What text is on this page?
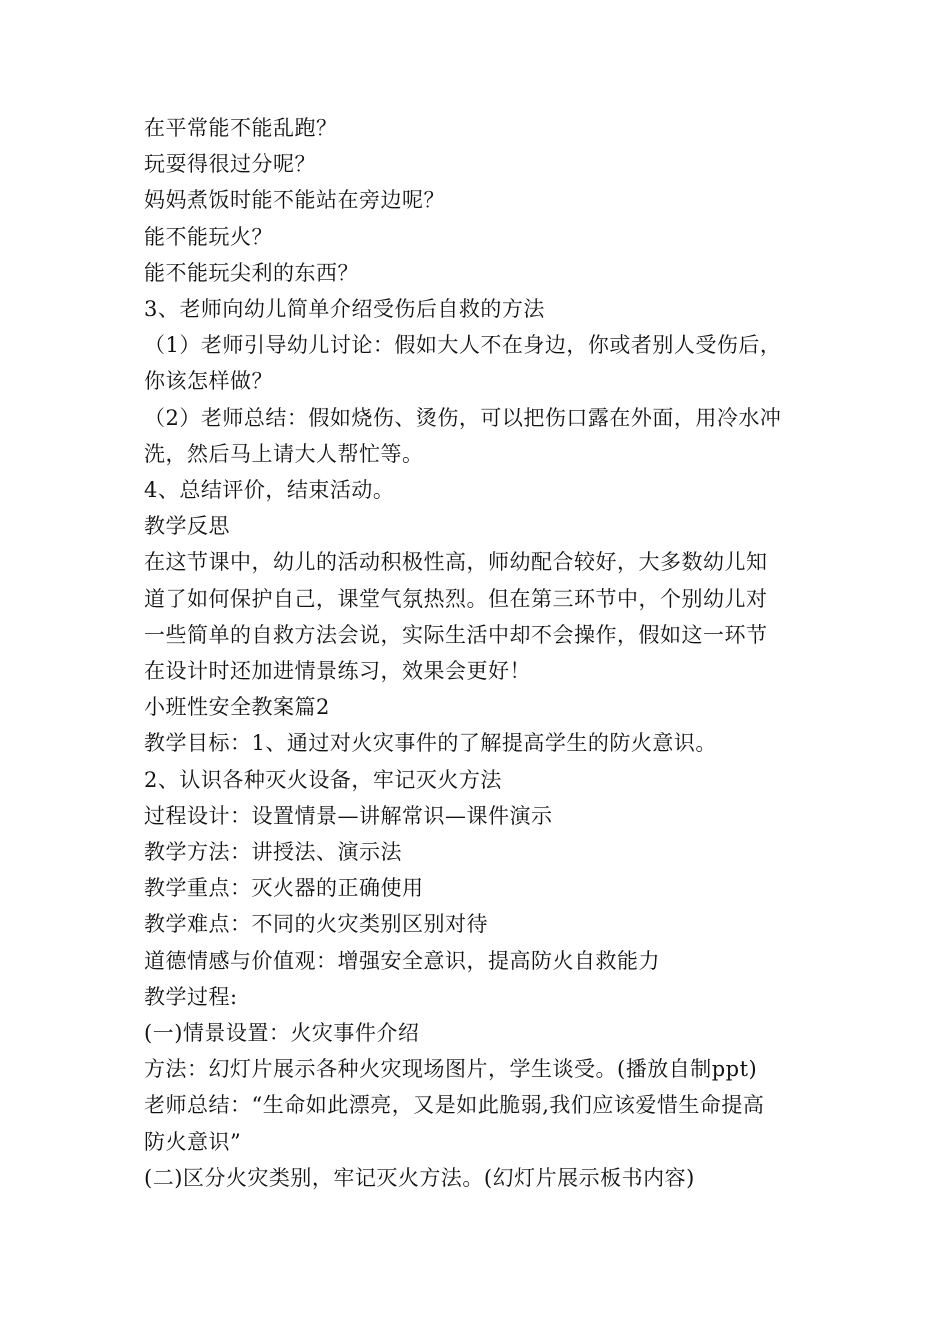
在平常能不能乱跑？

玩耍得很过分呢？

妈妈煮饭时能不能站在旁边呢？

能不能玩火？

能不能玩尖利的东西？

3、老师向幼儿简单介绍受伤后自救的方法

（1）老师引导幼儿讨论：假如大人不在身边，你或者别人受伤后，

你该怎样做？

（2）老师总结：假如烧伤、烫伤，可以把伤口露在外面，用冷水冲

洗，然后马上请大人帮忙等。

4、总结评价，结束活动。

教学反思

在这节课中，幼儿的活动积极性高，师幼配合较好，大多数幼儿知

道了如何保护自己，课堂气氛热烈。但在第三环节中，个别幼儿对

一些简单的自救方法会说，实际生活中却不会操作，假如这一环节

在设计时还加进情景练习，效果会更好！

小班性安全教案篇2

教学目标：1、通过对火灾事件的了解提高学生的防火意识。

2、认识各种灭火设备，牢记灭火方法

过程设计：设置情景—讲解常识—课件演示

教学方法：讲授法、演示法

教学重点：灭火器的正确使用

教学难点：不同的火灾类别区别对待

道德情感与价值观：增强安全意识，提高防火自救能力

教学过程:

(一)情景设置：火灾事件介绍

方法：幻灯片展示各种火灾现场图片，学生谈受。(播放自制ppt)

老师总结：“生命如此漂亮，又是如此脆弱,我们应该爱惜生命提高

防火意识”

(二)区分火灾类别，牢记灭火方法。(幻灯片展示板书内容)
